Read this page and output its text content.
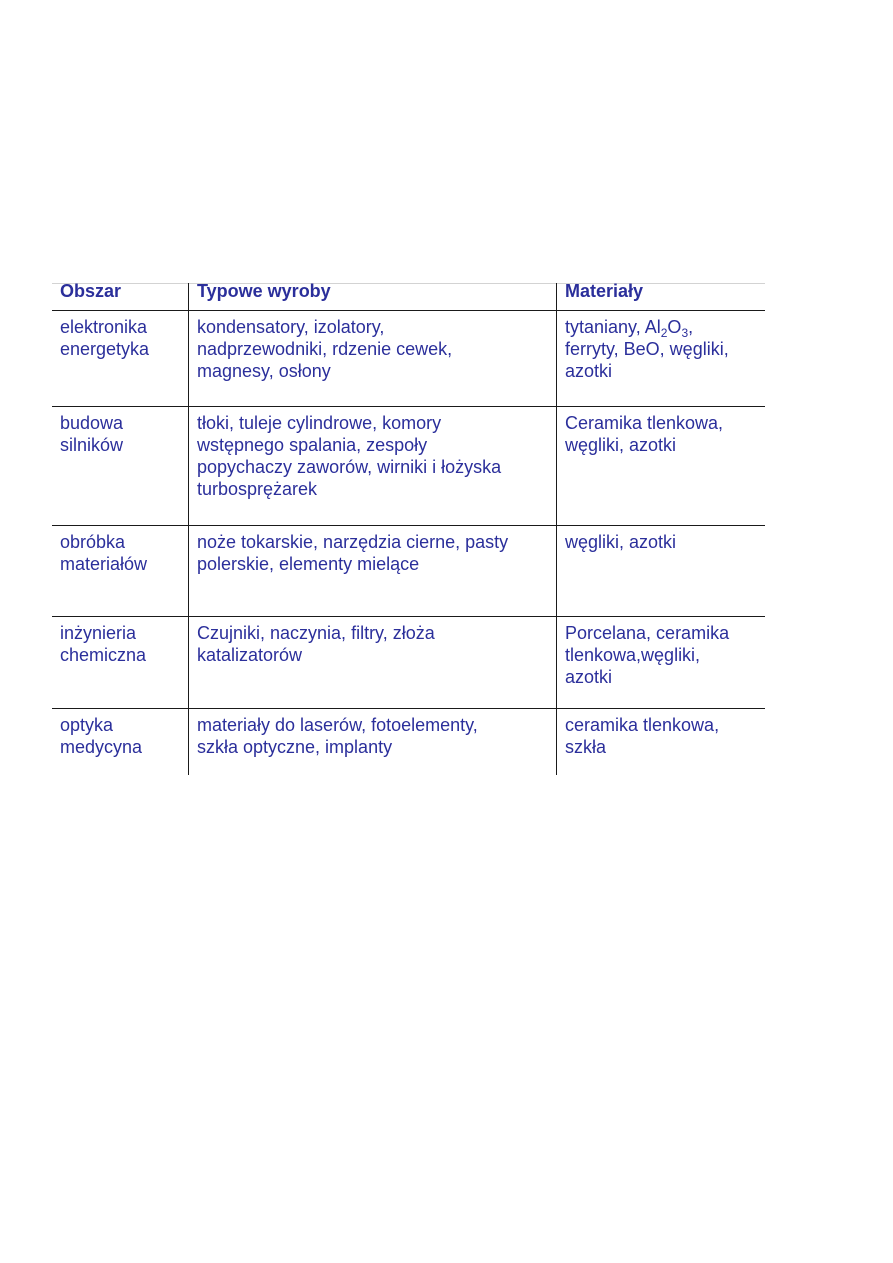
Obszar	Typowe wyroby	Materiały
elektronika
energetyka
kondensatory, izolatory,
nadprzewodniki, rdzenie cewek,
magnesy, osłony
tytaniany, $Al_2O_3$,
ferryty, BeO, węgliki,
azotki
budowa
silników
tłoki, tuleje cylindrowe, komory
wstępnego spalania, zespoły
popychaczy zaworów, wirniki i łożyska
turbosprężarek
Ceramika tlenkowa,
węgliki, azotki
obróbka
materiałów
noże tokarskie, narzędzia cierne, pasty
polerskie, elementy mielące
węgliki, azotki
inżynieria
chemiczna
Czujniki, naczynia, filtry, złoża
katalizatorów
Porcelana, ceramika
tlenkowa,węgliki,
azotki
optyka
medycyna
materiały do laserów, fotoelementy,
szkła optyczne, implanty
ceramika tlenkowa,
szkła
